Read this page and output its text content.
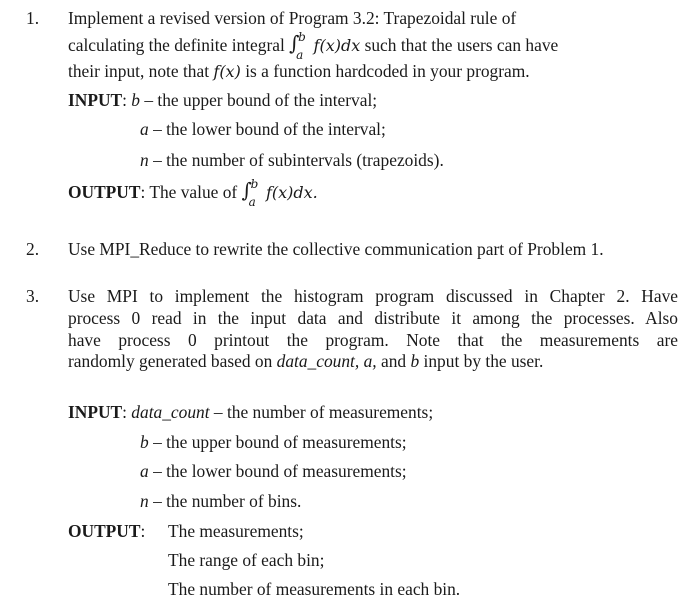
1. Implement a revised version of Program 3.2: Trapezoidal rule of
calculating the definite integral ∫
b
a f(x)dx such that the users can have
their input, note that f(x) is a function hardcoded in your program.
INPUT: b – the upper bound of the interval;
a – the lower bound of the interval;
n – the number of subintervals (trapezoids).
OUTPUT: The value of ∫
b
a f(x)dx.
2. Use MPI_Reduce to rewrite the collective communication part of Problem 1.
3. Use MPI to implement the histogram program discussed in Chapter 2. Have
process 0 read in the input data and distribute it among the processes. Also
have process 0 printout the program. Note that the measurements are
randomly generated based on data_count, a, and b input by the user.
INPUT: data_count – the number of measurements;
b – the upper bound of measurements;
a – the lower bound of measurements;
n – the number of bins.
OUTPUT: The measurements;
The range of each bin;
The number of measurements in each bin.
